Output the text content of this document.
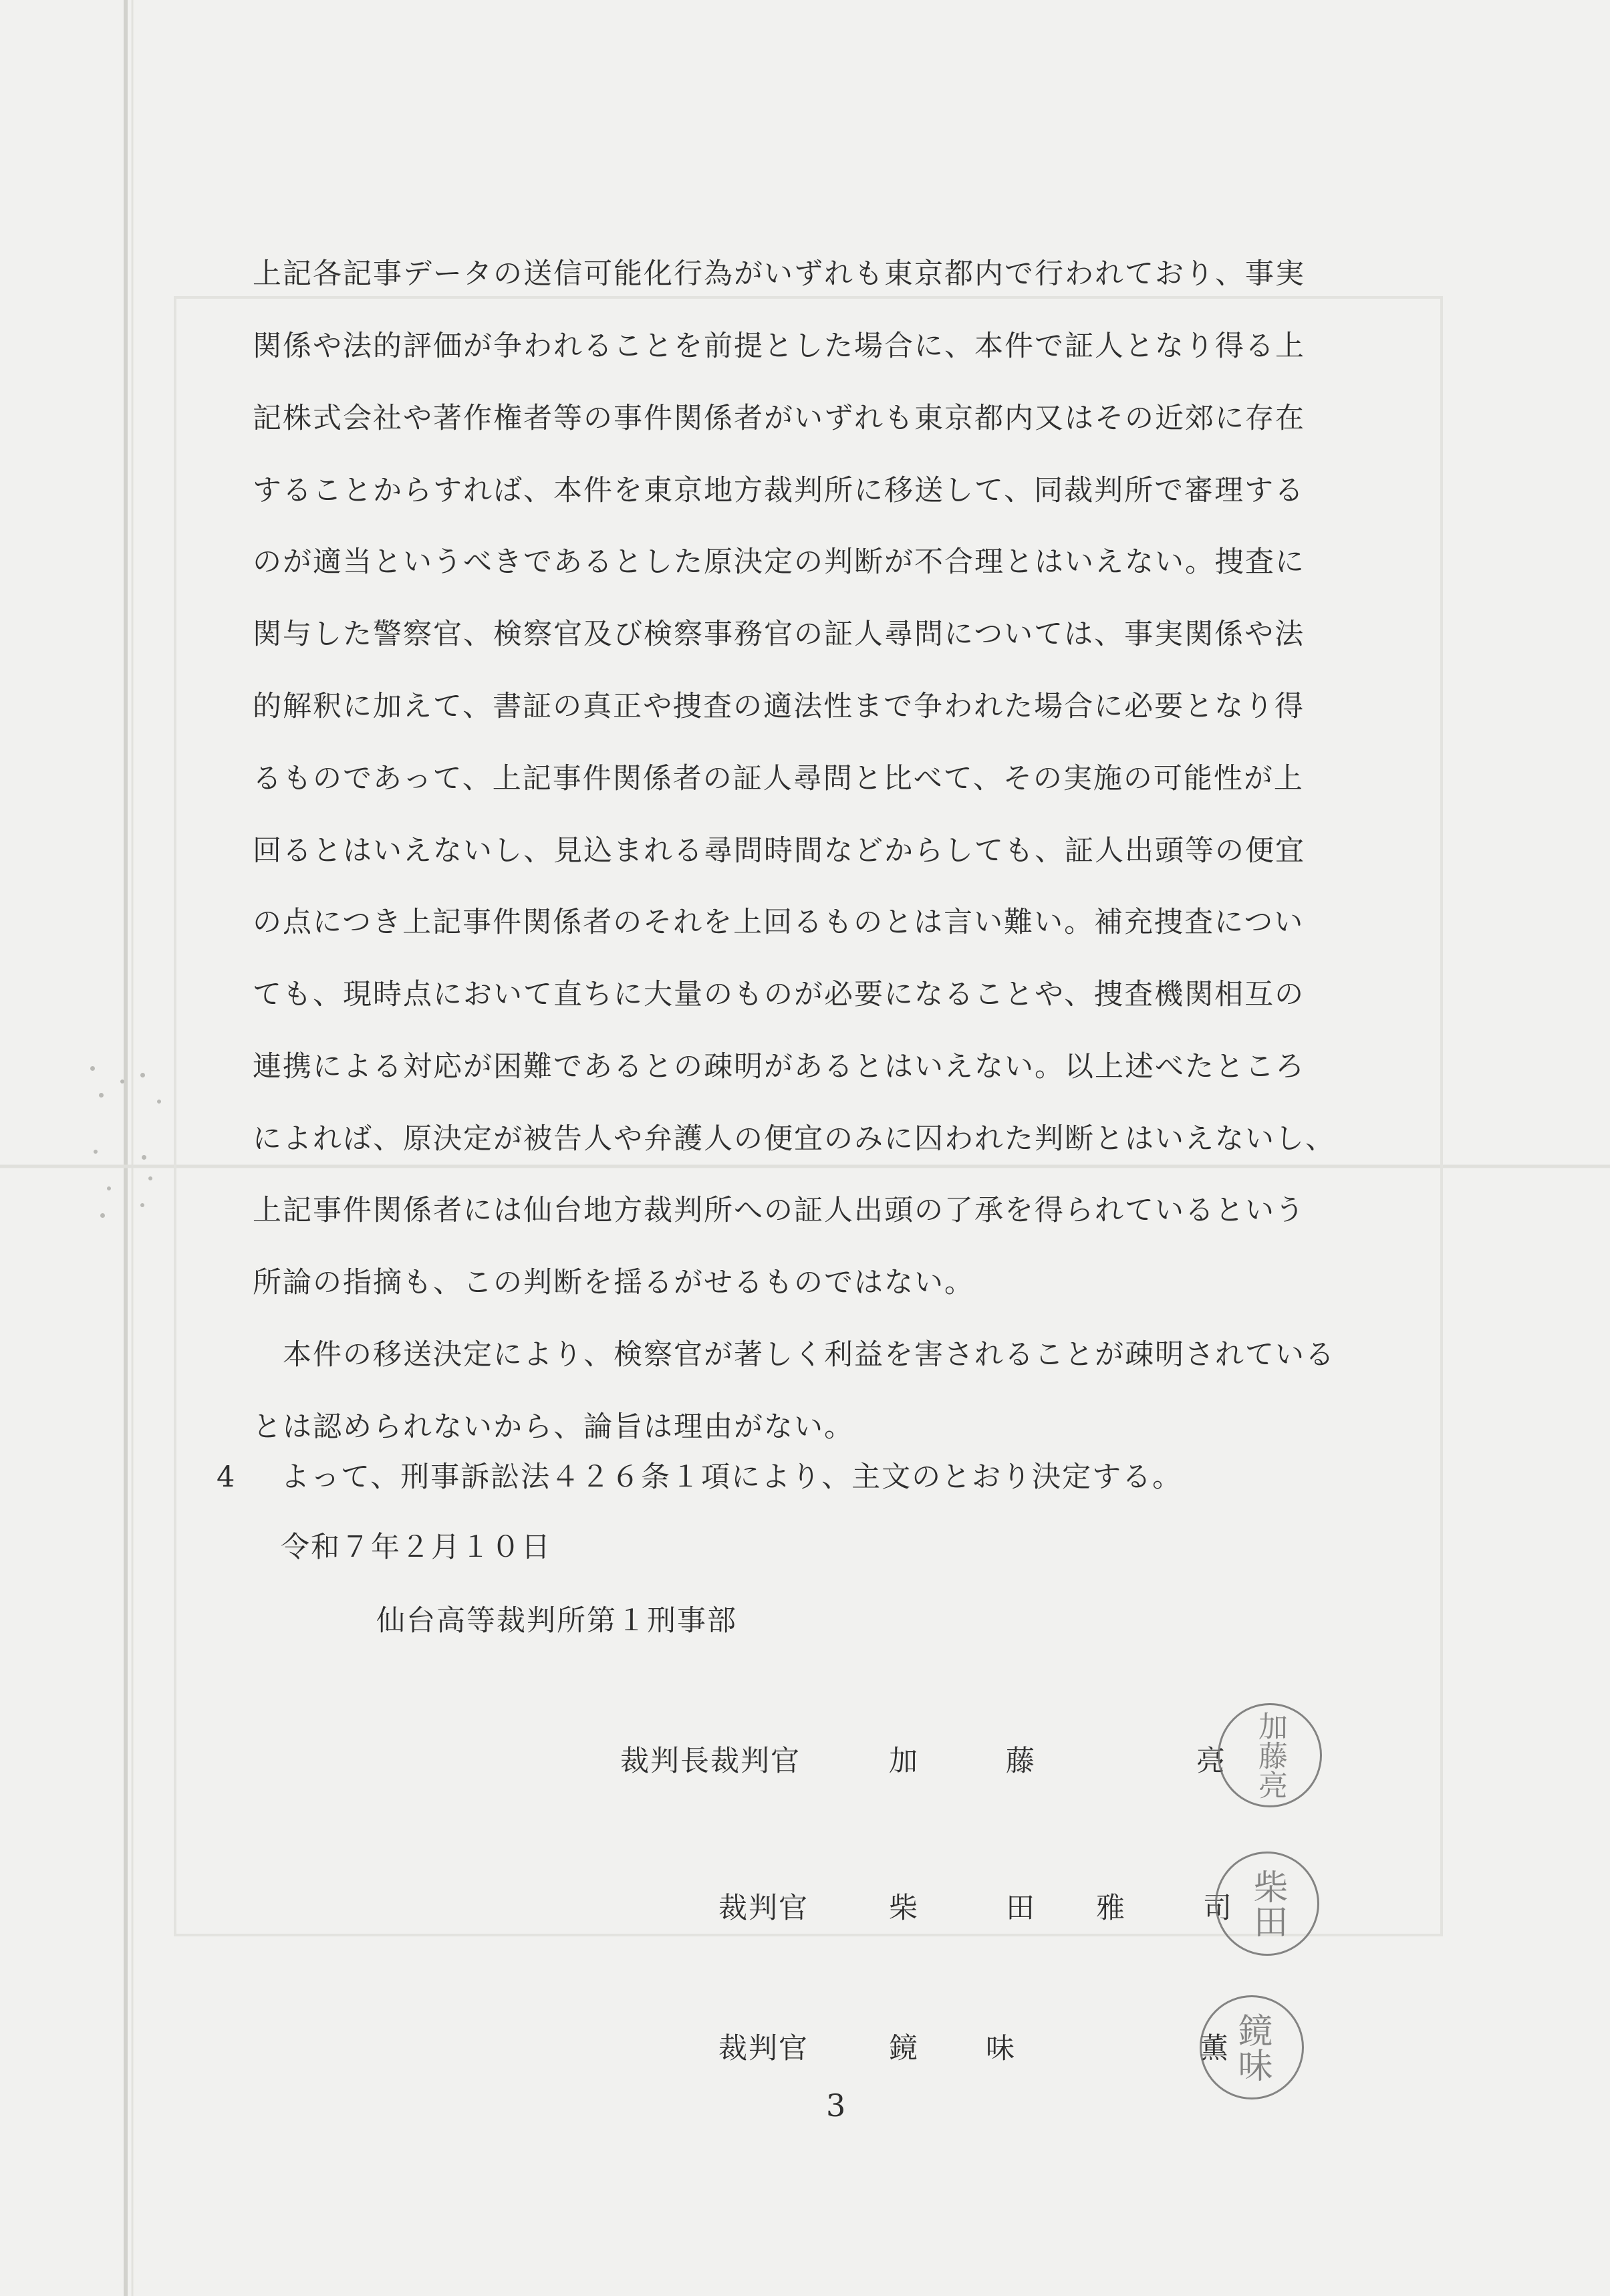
上記各記事データの送信可能化行為がいずれも東京都内で行われており、事実
関係や法的評価が争われることを前提とした場合に、本件で証人となり得る上
記株式会社や著作権者等の事件関係者がいずれも東京都内又はその近郊に存在
することからすれば、本件を東京地方裁判所に移送して、同裁判所で審理する
のが適当というべきであるとした原決定の判断が不合理とはいえない。捜査に
関与した警察官、検察官及び検察事務官の証人尋問については、事実関係や法
的解釈に加えて、書証の真正や捜査の適法性まで争われた場合に必要となり得
るものであって、上記事件関係者の証人尋問と比べて、その実施の可能性が上
回るとはいえないし、見込まれる尋問時間などからしても、証人出頭等の便宜
の点につき上記事件関係者のそれを上回るものとは言い難い。補充捜査につい
ても、現時点において直ちに大量のものが必要になることや、捜査機関相互の
連携による対応が困難であるとの疎明があるとはいえない。以上述べたところ
によれば、原決定が被告人や弁護人の便宜のみに囚われた判断とはいえないし、
上記事件関係者には仙台地方裁判所への証人出頭の了承を得られているという
所論の指摘も、この判断を揺るがせるものではない。
　本件の移送決定により、検察官が著しく利益を害されることが疎明されている
とは認められないから、論旨は理由がない。
4 よって、刑事訴訟法４２６条１項により、主文のとおり決定する。
令和７年２月１０日
仙台高等裁判所第１刑事部
裁判長裁判官	加	藤	亮 加藤亮
裁判官	柴	田 雅	司 柴田
裁判官	鏡 味	薫 鏡味
3
